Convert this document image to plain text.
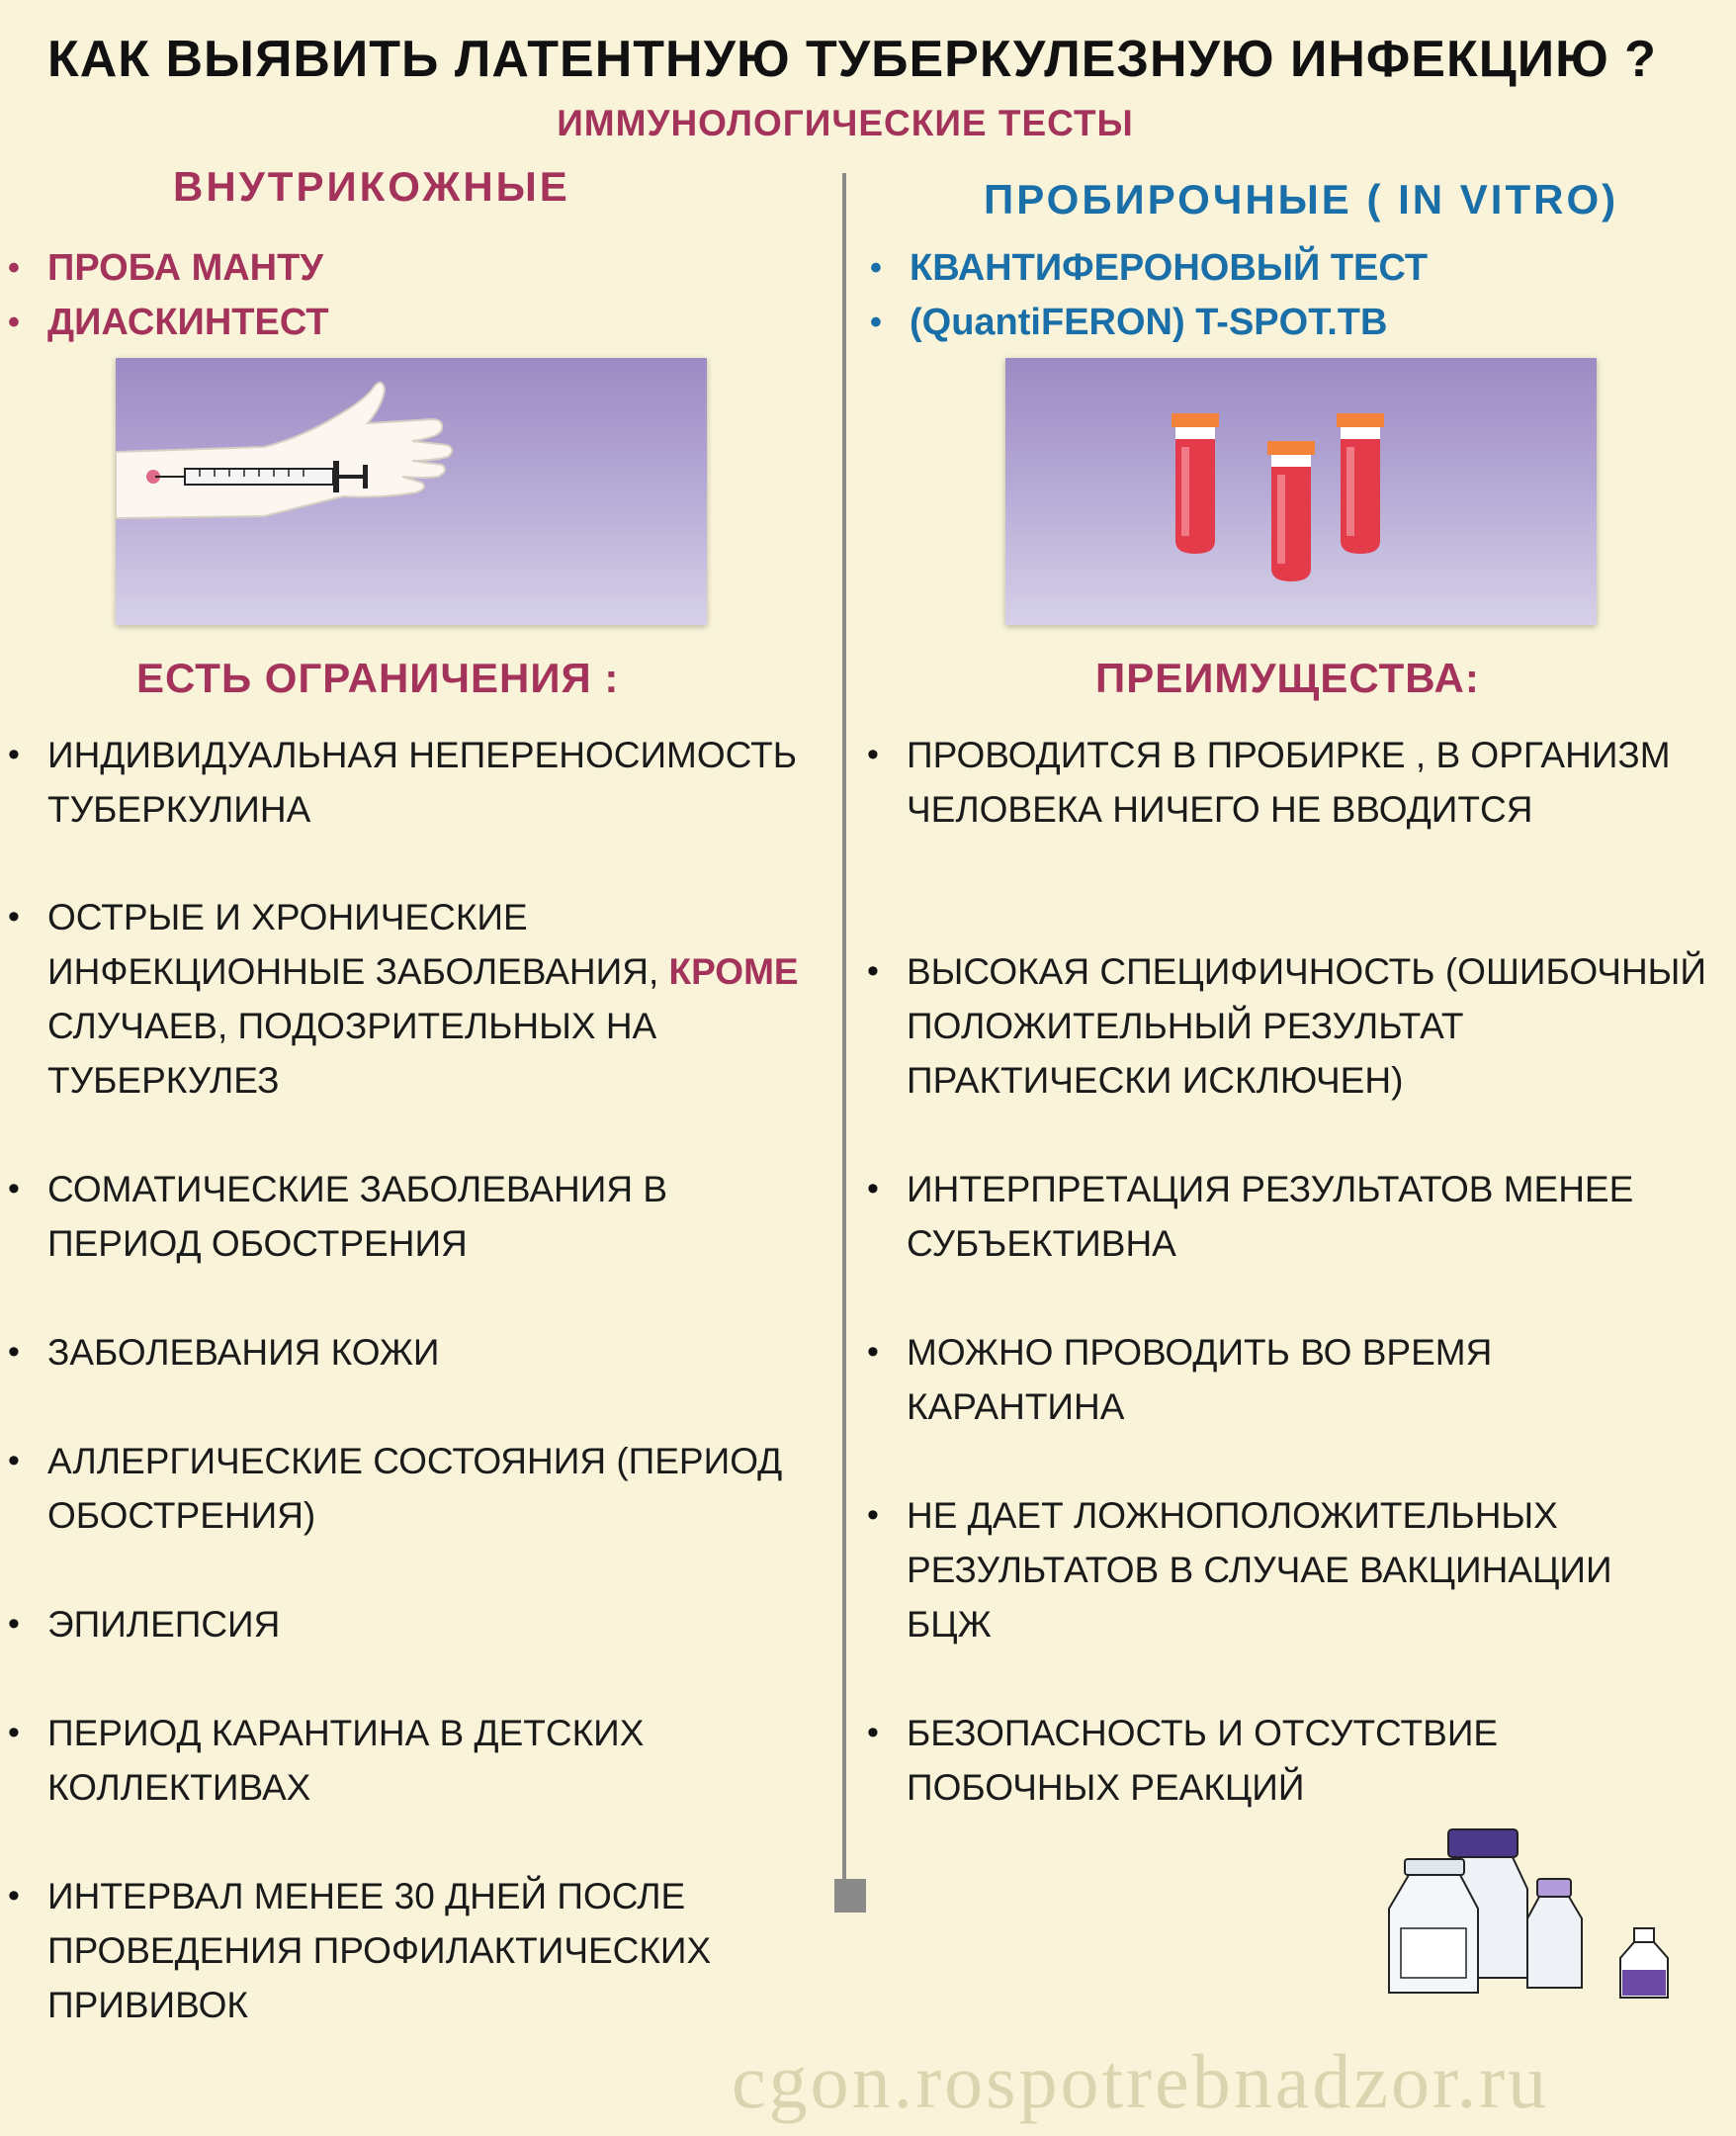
КАК ВЫЯВИТЬ ЛАТЕНТНУЮ ТУБЕРКУЛЕЗНУЮ ИНФЕКЦИЮ ?
ИММУНОЛОГИЧЕСКИЕ ТЕСТЫ
ВНУТРИКОЖНЫЕ	ПРОБИРОЧНЫЕ ( IN VITRO)
• ПРОБА МАНТУ
• ДИАСКИНТЕСТ
• КВАНТИФЕРОНОВЫЙ ТЕСТ
• (QuantiFERON) T-SPOT.TB
ЕСТЬ ОГРАНИЧЕНИЯ :	ПРЕИМУЩЕСТВА:
• ИНДИВИДУАЛЬНАЯ НЕПЕРЕНОСИМОСТЬ ТУБЕРКУЛИНА
• ОСТРЫЕ И ХРОНИЧЕСКИЕ ИНФЕКЦИОННЫЕ ЗАБОЛЕВАНИЯ, КРОМЕ СЛУЧАЕВ, ПОДОЗРИТЕЛЬНЫХ НА ТУБЕРКУЛЕЗ
• СОМАТИЧЕСКИЕ ЗАБОЛЕВАНИЯ В ПЕРИОД ОБОСТРЕНИЯ
• ЗАБОЛЕВАНИЯ КОЖИ
• АЛЛЕРГИЧЕСКИЕ СОСТОЯНИЯ (ПЕРИОД ОБОСТРЕНИЯ)
• ЭПИЛЕПСИЯ
• ПЕРИОД КАРАНТИНА В ДЕТСКИХ КОЛЛЕКТИВАХ
• ИНТЕРВАЛ МЕНЕЕ 30 ДНЕЙ ПОСЛЕ ПРОВЕДЕНИЯ ПРОФИЛАКТИЧЕСКИХ ПРИВИВОК
• ПРОВОДИТСЯ В ПРОБИРКЕ , В ОРГАНИЗМ ЧЕЛОВЕКА НИЧЕГО НЕ ВВОДИТСЯ
• ВЫСОКАЯ СПЕЦИФИЧНОСТЬ (ОШИБОЧНЫЙ ПОЛОЖИТЕЛЬНЫЙ РЕЗУЛЬТАТ ПРАКТИЧЕСКИ ИСКЛЮЧЕН)
• ИНТЕРПРЕТАЦИЯ РЕЗУЛЬТАТОВ МЕНЕЕ СУБЪЕКТИВНА
• МОЖНО ПРОВОДИТЬ ВО ВРЕМЯ КАРАНТИНА
• НЕ ДАЕТ ЛОЖНОПОЛОЖИТЕЛЬНЫХ РЕЗУЛЬТАТОВ В СЛУЧАЕ ВАКЦИНАЦИИ БЦЖ
• БЕЗОПАСНОСТЬ И ОТСУТСТВИЕ ПОБОЧНЫХ РЕАКЦИЙ
cgon.rospotrebnadzor.ru
